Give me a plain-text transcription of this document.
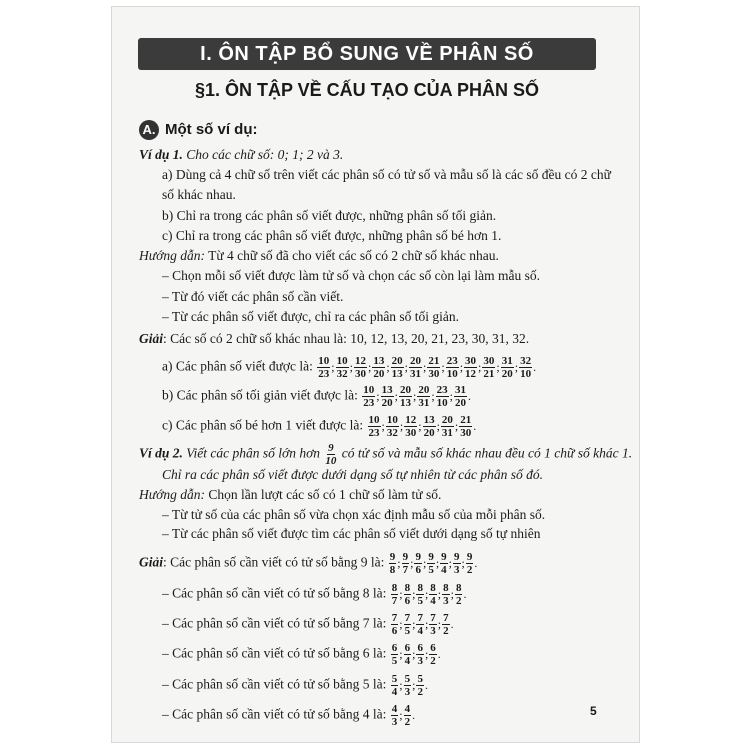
I. ÔN TẬP BỔ SUNG VỀ PHÂN SỐ
§1. ÔN TẬP VỀ CẤU TẠO CỦA PHÂN SỐ
A. Một số ví dụ:
Ví dụ 1. Cho các chữ số: 0; 1; 2 và 3.
a) Dùng cả 4 chữ số trên viết các phân số có tử số và mẫu số là các số đều có 2 chữ
số khác nhau.
b) Chỉ ra trong các phân số viết được, những phân số tối giản.
c) Chỉ ra trong các phân số viết được, những phân số bé hơn 1.
Hướng dẫn: Từ 4 chữ số đã cho viết các số có 2 chữ số khác nhau.
– Chọn mỗi số viết được làm tử số và chọn các số còn lại làm mẫu số.
– Từ đó viết các phân số cần viết.
– Từ các phân số viết được, chỉ ra các phân số tối giản.
Giải: Các số có 2 chữ số khác nhau là: 10, 12, 13, 20, 21, 23, 30, 31, 32.
a) Các phân số viết được là: $\frac{10}{23}$ ; $\frac{10}{32}$ ; $\frac{12}{30}$ ; $\frac{13}{20}$ ; $\frac{20}{13}$ ; $\frac{20}{31}$ ; $\frac{21}{30}$ ; $\frac{23}{10}$ ; $\frac{30}{12}$ ; $\frac{30}{21}$ ; $\frac{31}{20}$ ; $\frac{32}{10}$ .
b) Các phân số tối giản viết được là: $\frac{10}{23}$ ; $\frac{13}{20}$ ; $\frac{20}{13}$ ; $\frac{20}{31}$ ; $\frac{23}{10}$ ; $\frac{31}{20}$ .
c) Các phân số bé hơn 1 viết được là: $\frac{10}{23}$ ; $\frac{10}{32}$ ; $\frac{12}{30}$ ; $\frac{13}{20}$ ; $\frac{20}{31}$ ; $\frac{21}{30}$ .
Ví dụ 2. Viết các phân số lớn hơn $\frac{9}{10}$ có tử số và mẫu số khác nhau đều có 1 chữ số khác 1.
Chỉ ra các phân số viết được dưới dạng số tự nhiên từ các phân số đó.
Hướng dẫn: Chọn lần lượt các số có 1 chữ số làm tử số.
– Từ tử số của các phân số vừa chọn xác định mẫu số của mỗi phân số.
– Từ các phân số viết được tìm các phân số viết dưới dạng số tự nhiên
Giải: Các phân số cần viết có tử số bằng 9 là: $\frac{9}{8}$ ; $\frac{9}{7}$ ; $\frac{9}{6}$ ; $\frac{9}{5}$ ; $\frac{9}{4}$ ; $\frac{9}{3}$ ; $\frac{9}{2}$ .
– Các phân số cần viết có tử số bằng 8 là: $\frac{8}{7}$ ; $\frac{8}{6}$ ; $\frac{8}{5}$ ; $\frac{8}{4}$ ; $\frac{8}{3}$ ; $\frac{8}{2}$ .
– Các phân số cần viết có tử số bằng 7 là: $\frac{7}{6}$ ; $\frac{7}{5}$ ; $\frac{7}{4}$ ; $\frac{7}{3}$ ; $\frac{7}{2}$ .
– Các phân số cần viết có tử số bằng 6 là: $\frac{6}{5}$ ; $\frac{6}{4}$ ; $\frac{6}{3}$ ; $\frac{6}{2}$ .
– Các phân số cần viết có tử số bằng 5 là: $\frac{5}{4}$ ; $\frac{5}{3}$ ; $\frac{5}{2}$ .
– Các phân số cần viết có tử số bằng 4 là: $\frac{4}{3}$ ; $\frac{4}{2}$ .	5
